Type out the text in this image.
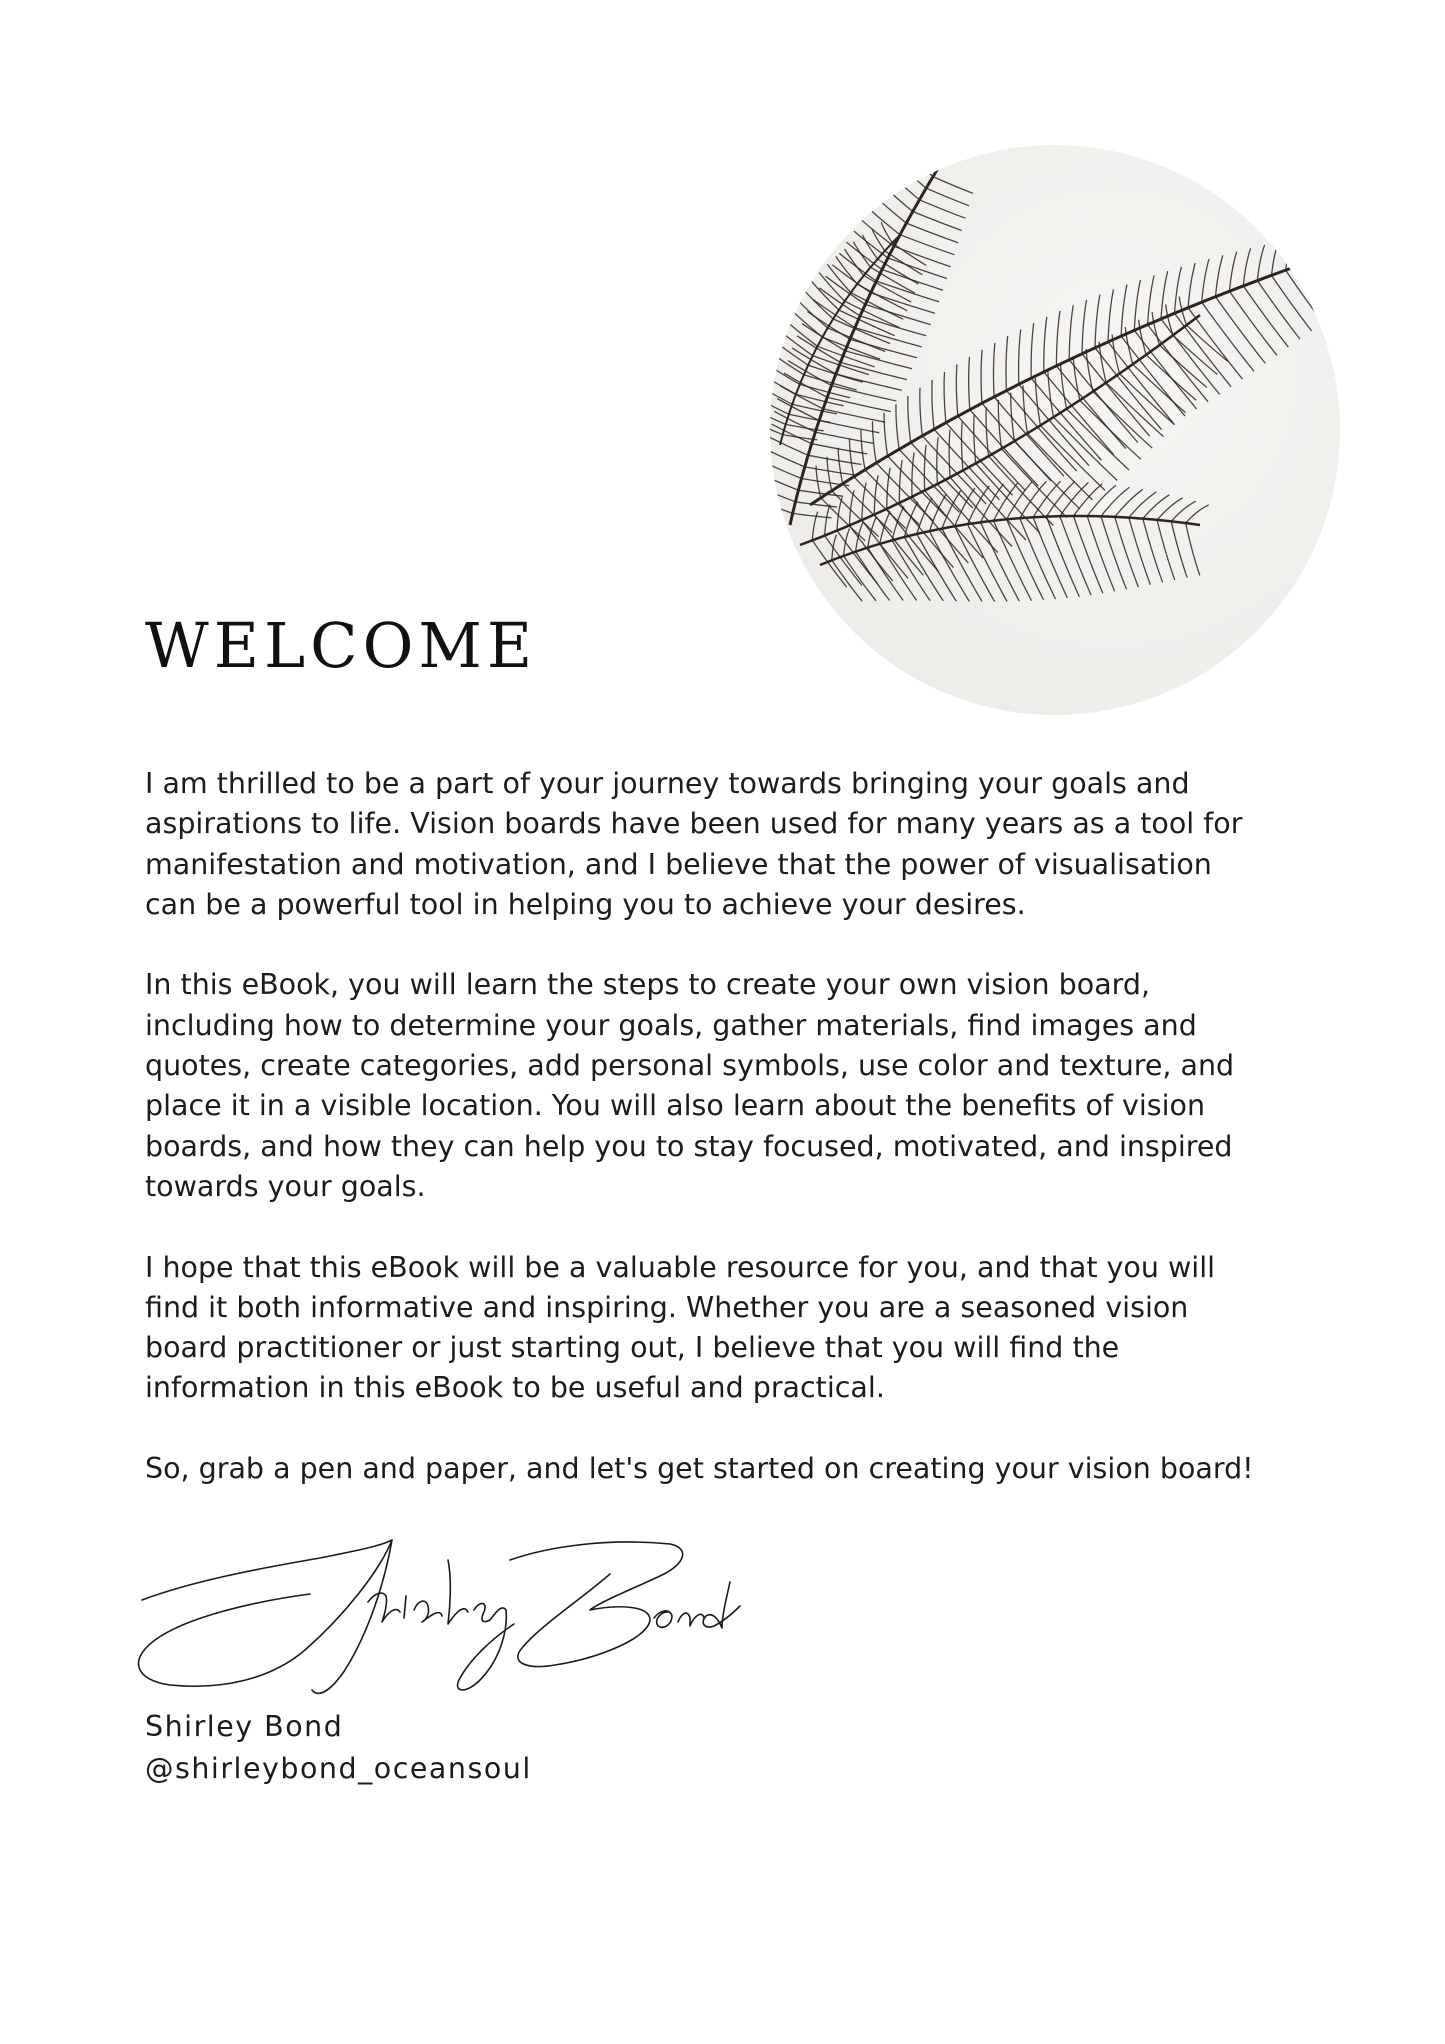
WELCOME

I am thrilled to be a part of your journey towards bringing your goals and
aspirations to life. Vision boards have been used for many years as a tool for
manifestation and motivation, and I believe that the power of visualisation
can be a powerful tool in helping you to achieve your desires.

In this eBook, you will learn the steps to create your own vision board,
including how to determine your goals, gather materials, find images and
quotes, create categories, add personal symbols, use color and texture, and
place it in a visible location. You will also learn about the benefits of vision
boards, and how they can help you to stay focused, motivated, and inspired
towards your goals.

I hope that this eBook will be a valuable resource for you, and that you will
find it both informative and inspiring. Whether you are a seasoned vision
board practitioner or just starting out, I believe that you will find the
information in this eBook to be useful and practical.

So, grab a pen and paper, and let's get started on creating your vision board!

Shirley Bond
@shirleybond_oceansoul
